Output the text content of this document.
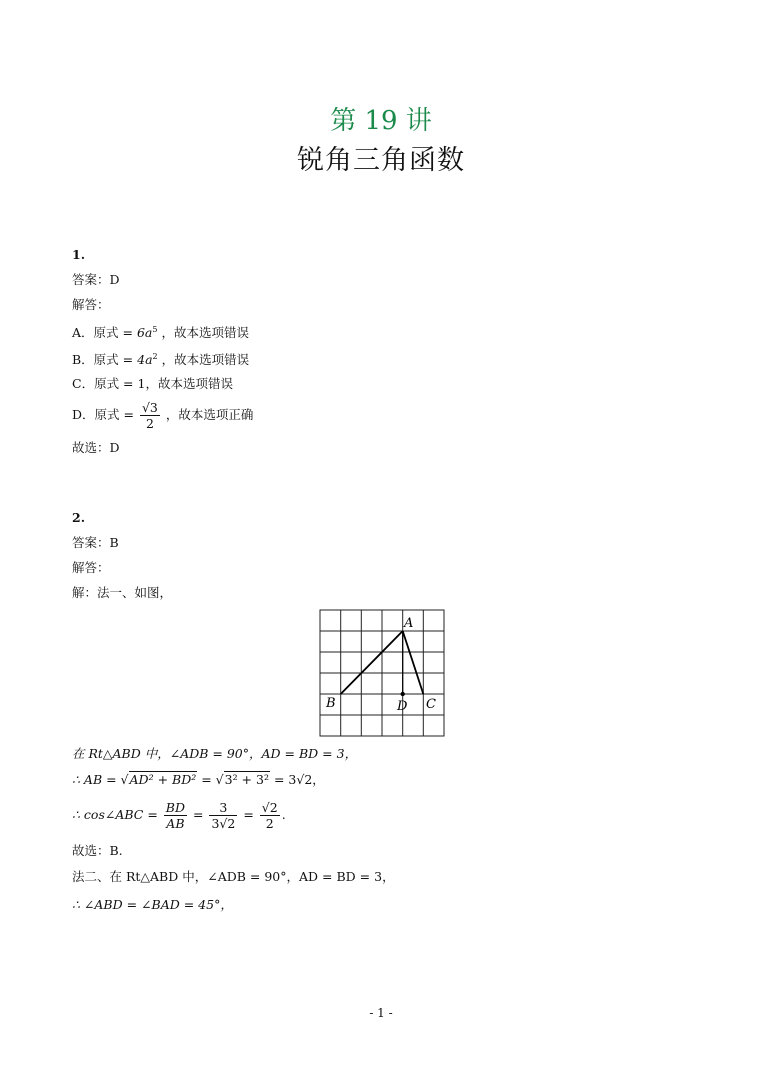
第 19 讲
锐角三角函数
1.
答案：D
解答：
A．原式 = $6a^5$ ，故本选项错误
B．原式 = $4a^2$ ，故本选项错误
C．原式 = 1，故本选项错误
D．原式 = $\frac{√3}{2}$ ，故本选项正确
故选：D
2.
答案：B
解答：
解：法一、如图，
A
B	C
D
在 Rt△ABD 中，∠ADB = 90°，AD = BD = 3，
∴ AB = √AD² + BD² = √3² + 3² = 3√2，
∴ cos∠ABC = $\frac{BD}{AB} = \frac{3}{3√2} = \frac{√2}{2}$ .
故选：B.
法二、在 Rt△ABD 中，∠ADB = 90°，AD = BD = 3，
∴ ∠ABD = ∠BAD = 45°，
- 1 -
